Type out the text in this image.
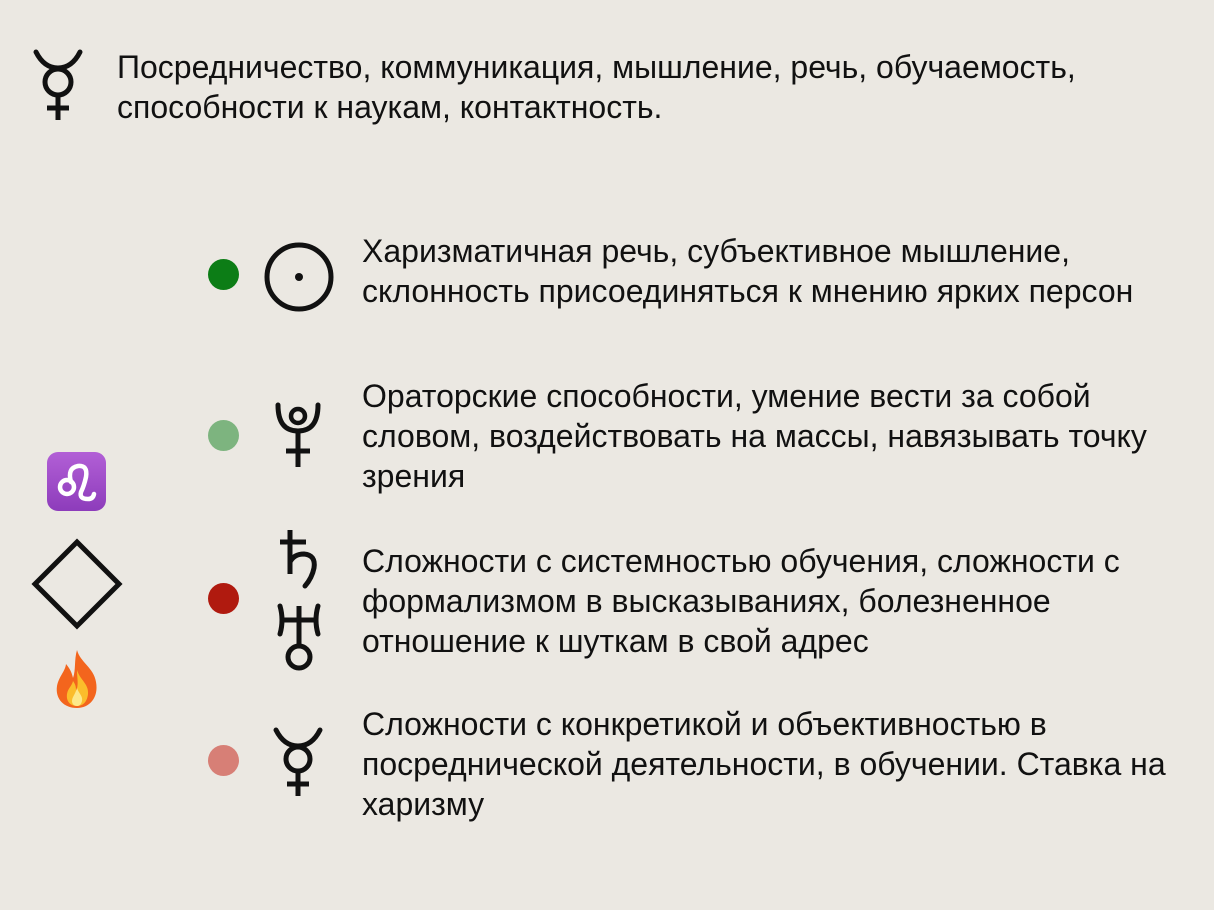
Посредничество, коммуникация, мышление, речь, обучаемость, способности к наукам, контактность.

Харизматичная речь, субъективное мышление, склонность присоединяться к мнению ярких персон

Ораторские способности, умение вести за собой словом, воздействовать на массы, навязывать точку зрения

Сложности с системностью обучения, сложности с формализмом в высказываниях, болезненное отношение к шуткам в свой адрес

Сложности с конкретикой и объективностью в посреднической деятельности, в обучении. Ставка на харизму
